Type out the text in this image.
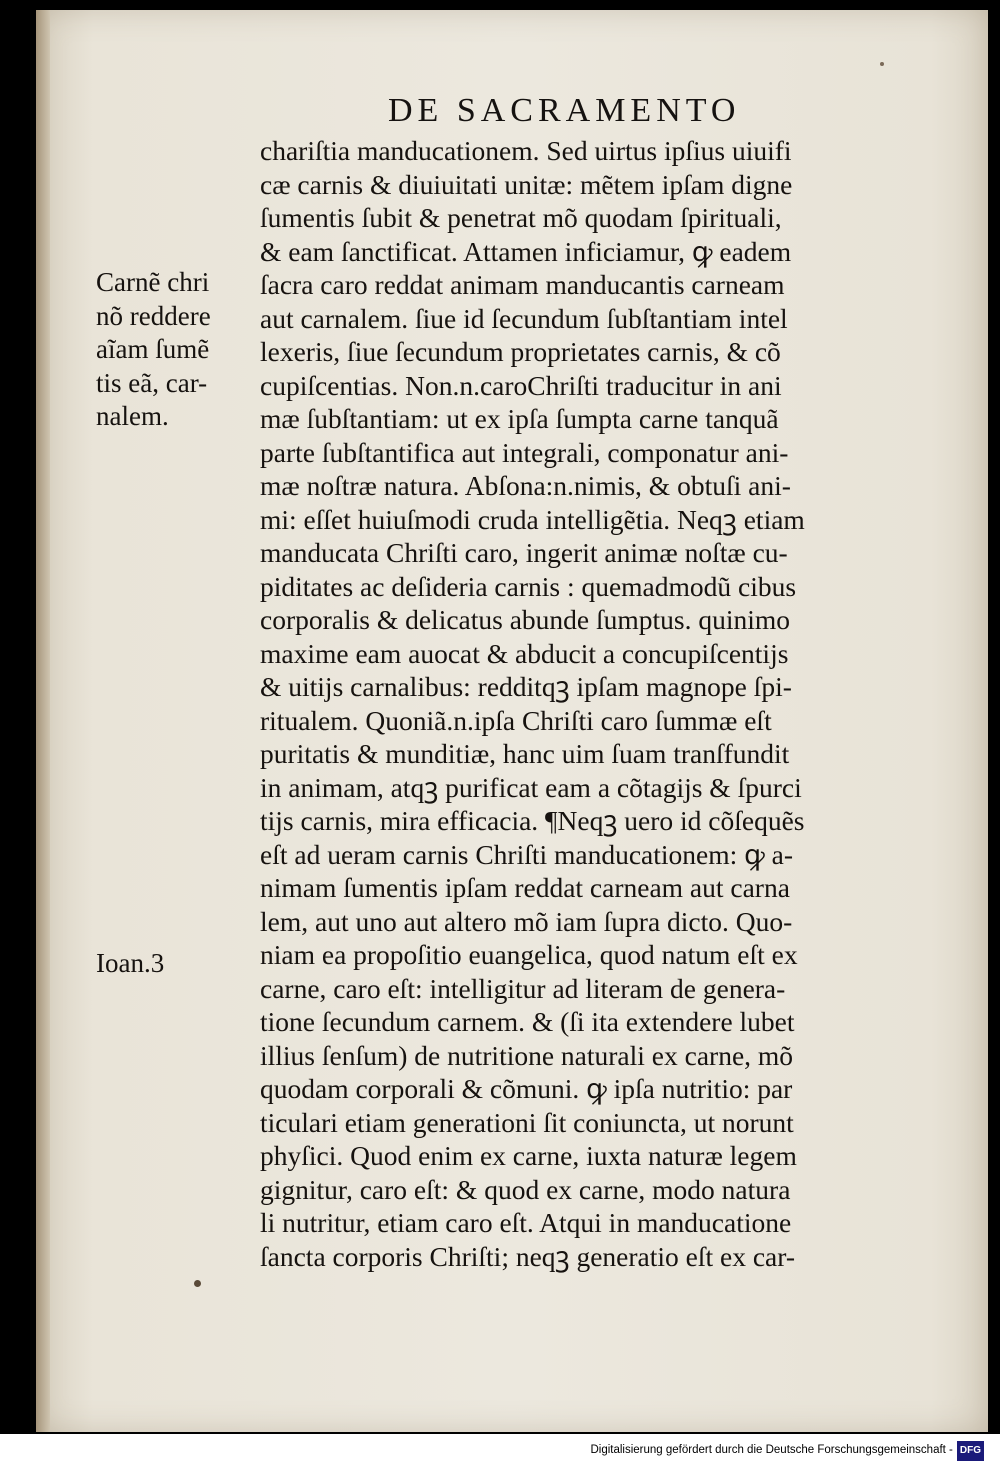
DE SACRAMENTO
chariſtia manducationem. Sed uirtus ipſius uiuifi
cæ carnis & diuiuitati unitæ: mẽtem ipſam digne
ſumentis ſubit & penetrat mõ quodam ſpirituali,
& eam ſanctificat. Attamen inficiamur, ꝙ eadem
ſacra caro reddat animam manducantis carneam
aut carnalem. ſiue id ſecundum ſubſtantiam intel
lexeris, ſiue ſecundum proprietates carnis, & cõ
cupiſcentias. Non.n.caroChriſti traducitur in ani
mæ ſubſtantiam: ut ex ipſa ſumpta carne tanquã
parte ſubſtantifica aut integrali, componatur ani-
mæ noſtræ natura. Abſona:n.nimis, & obtuſi ani-
mi: eſſet huiuſmodi cruda intelligẽtia. Neqꝫ etiam
manducata Chriſti caro, ingerit animæ noſtæ cu-
piditates ac deſideria carnis : quemadmodũ cibus
corporalis & delicatus abunde ſumptus. quinimo
maxime eam auocat & abducit a concupiſcentijs
& uitijs carnalibus: redditqꝫ ipſam magnope ſpi-
ritualem. Quoniã.n.ipſa Chriſti caro ſummæ eſt
puritatis & munditiæ, hanc uim ſuam tranſfundit
in animam, atqꝫ purificat eam a cõtagijs & ſpurci
tijs carnis, mira efficacia. ¶Neqꝫ uero id cõſequẽs
eſt ad ueram carnis Chriſti manducationem: ꝙ a-
nimam ſumentis ipſam reddat carneam aut carna
lem, aut uno aut altero mõ iam ſupra dicto. Quo-
niam ea propoſitio euangelica, quod natum eſt ex
carne, caro eſt: intelligitur ad literam de genera-
tione ſecundum carnem. & (ſi ita extendere lubet
illius ſenſum) de nutritione naturali ex carne, mõ
quodam corporali & cõmuni. ꝙ ipſa nutritio: par
ticulari etiam generationi ſit coniuncta, ut norunt
phyſici. Quod enim ex carne, iuxta naturæ legem
gignitur, caro eſt: & quod ex carne, modo natura
li nutritur, etiam caro eſt. Atqui in manducatione
ſancta corporis Chriſti; neqꝫ generatio eſt ex car-
Carnẽ chri
nõ reddere
aĩam ſumẽ
tis eã, car-
nalem.
Ioan.3
Digitalisierung gefördert durch die Deutsche Forschungsgemeinschaft - DFG
